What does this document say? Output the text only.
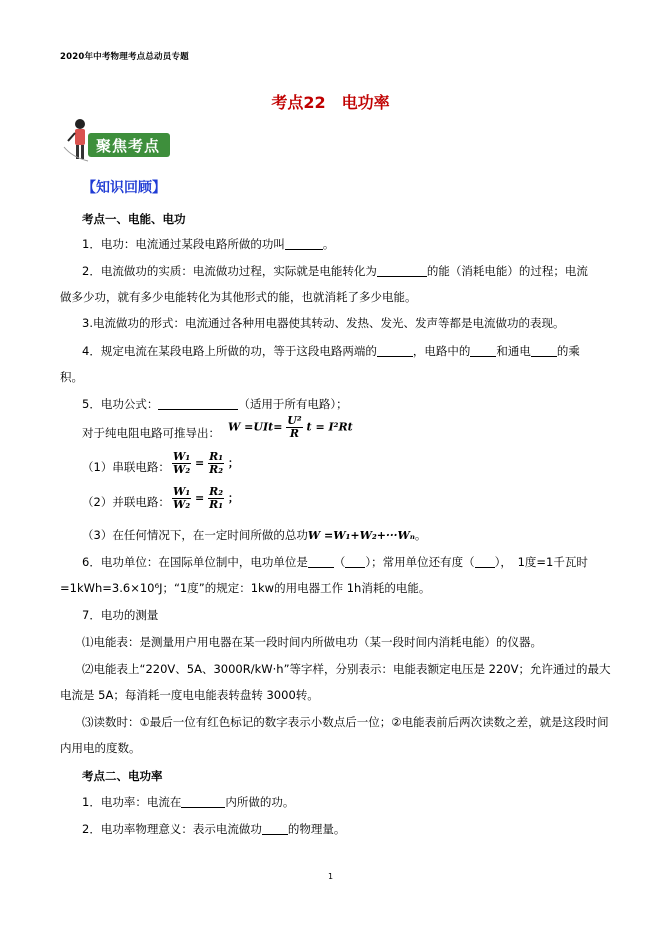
2020年中考物理考点总动员专题
考点22　电功率
聚焦考点
【知识回顾】
考点一、电能、电功
1．电功：电流通过某段电路所做的功叫	。
2．电流做功的实质：电流做功过程，实际就是电能转化为	的能（消耗电能）的过程；电流
做多少功，就有多少电能转化为其他形式的能，也就消耗了多少电能。
3.电流做功的形式：电流通过各种用电器使其转动、发热、发光、发声等都是电流做功的表现。
4．规定电流在某段电路上所做的功，等于这段电路两端的	，电路中的 和通电 的乘
积。
5．电功公式：	（适用于所有电路）；
对于纯电阻电路可推导出： $W =UIt= \frac{\text{U²}}{R}$ t = I²Rt
（1）串联电路： $\frac{\text{W₁}}{\text{W₂}} = \frac{\text{R₁}}{\text{R₂}}$ ；
（2）并联电路： $\frac{\text{W₁}}{\text{W₂}} = \frac{\text{R₂}}{\text{R₁}}$ ；
（3）在任何情况下，在一定时间所做的总功W =W₁+W₂+···Wₙ。
6．电功单位：在国际单位制中，电功单位是 （ ）；常用单位还有度（ ），　1度=1千瓦时
=1kWh=3.6×10⁶J；“1度”的规定：1kw的用电器工作 1h消耗的电能。
7．电功的测量
⑴电能表：是测量用户用电器在某一段时间内所做电功（某一段时间内消耗电能）的仪器。
⑵电能表上“220V、5A、3000R/kW·h”等字样，分别表示：电能表额定电压是 220V；允许通过的最大
电流是 5A；每消耗一度电电能表转盘转 3000转。
⑶读数时：①最后一位有红色标记的数字表示小数点后一位；②电能表前后两次读数之差，就是这段时间
内用电的度数。
考点二、电功率
1．电功率：电流在	内所做的功。
2．电功率物理意义：表示电流做功 的物理量。
1
